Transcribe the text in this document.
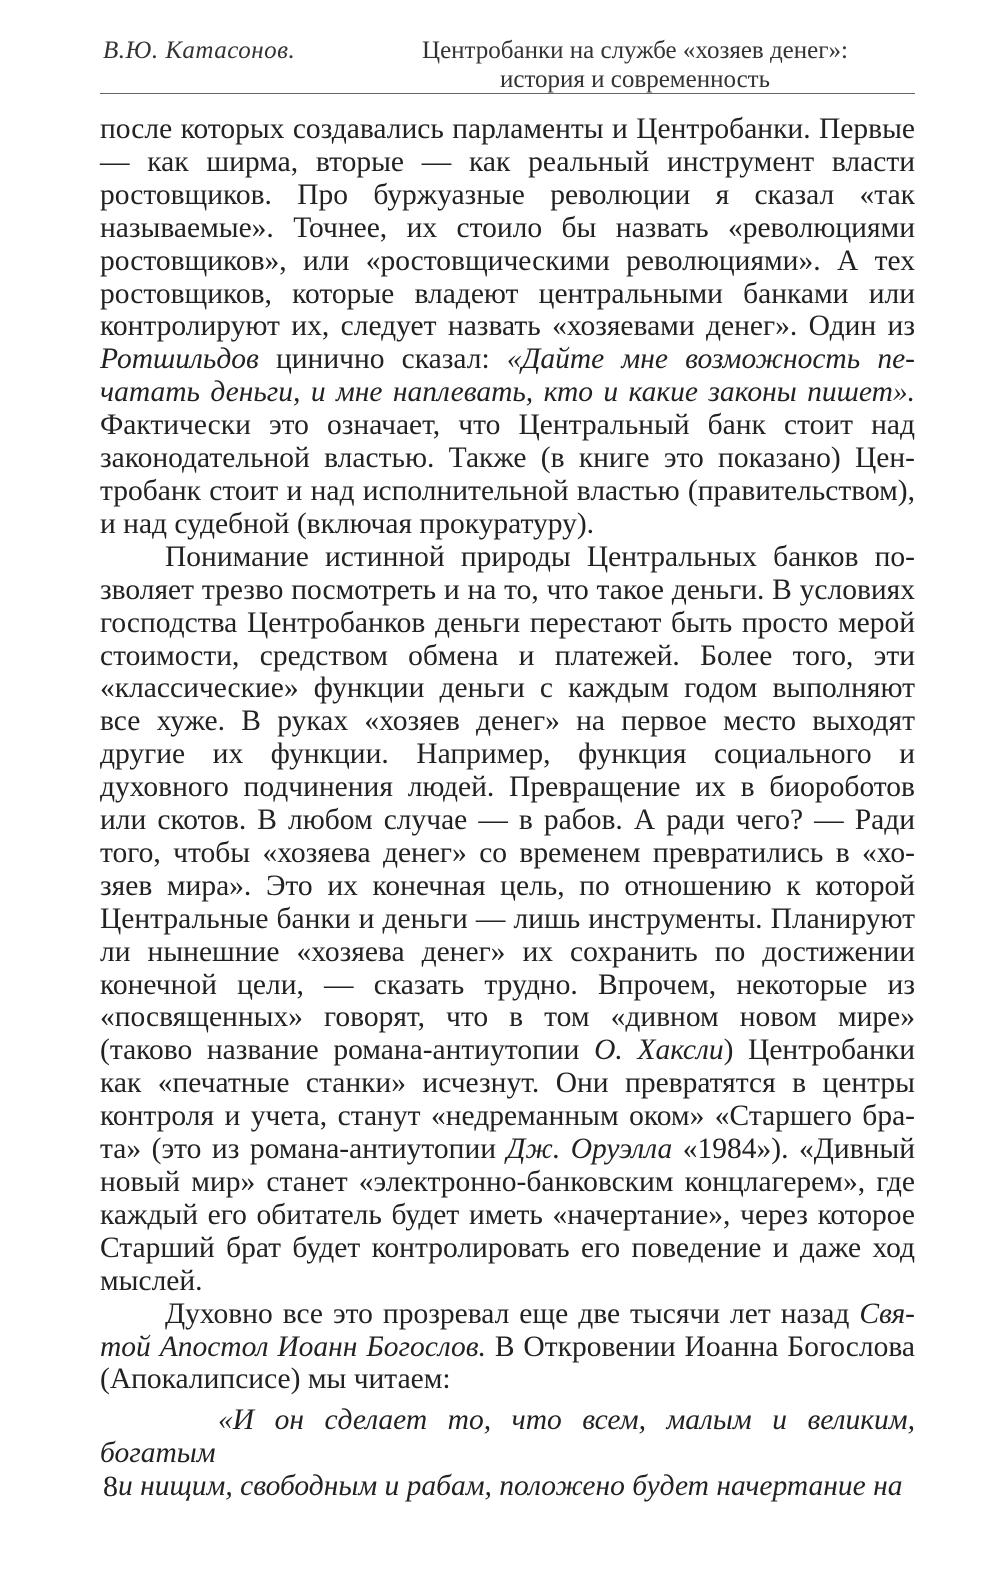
В.Ю. Катасонов.	Центробанки на службе «хозяев денег»:
история и современность

после которых создавались парламенты и Центробанки. Первые — как ширма, вторые — как реальный инструмент власти ростовщиков. Про буржуазные революции я сказал «так называемые». Точнее, их стоило бы назвать «революциями ростовщиков», или «ростовщическими революциями». А тех ростовщиков, которые владеют центральными банками или контролируют их, следует назвать «хозяевами денег». Один из Ротшильдов цинично сказал: «Дайте мне возможность печатать деньги, и мне наплевать, кто и какие законы пишет». Фактически это означает, что Центральный банк стоит над законодательной властью. Также (в книге это показано) Центробанк стоит и над исполнительной властью (правительством), и над судебной (включая прокуратуру).

Понимание истинной природы Центральных банков позволяет трезво посмотреть и на то, что такое деньги. В условиях господства Центробанков деньги перестают быть просто мерой стоимости, средством обмена и платежей. Более того, эти «классические» функции деньги с каждым годом выполняют все хуже. В руках «хозяев денег» на первое место выходят другие их функции. Например, функция социального и духовного подчинения людей. Превращение их в биороботов или скотов. В любом случае — в рабов. А ради чего? — Ради того, чтобы «хозяева денег» со временем превратились в «хозяев мира». Это их конечная цель, по отношению к которой Центральные банки и деньги — лишь инструменты. Планируют ли нынешние «хозяева денег» их сохранить по достижении конечной цели, — сказать трудно. Впрочем, некоторые из «посвященных» говорят, что в том «дивном новом мире» (таково название романа-антиутопии О. Хаксли) Центробанки как «печатные станки» исчезнут. Они превратятся в центры контроля и учета, станут «недреманным оком» «Старшего брата» (это из романа-антиутопии Дж. Оруэлла «1984»). «Дивный новый мир» станет «электронно-банковским концлагерем», где каждый его обитатель будет иметь «начертание», через которое Старший брат будет контролировать его поведение и даже ход мыслей.

Духовно все это прозревал еще две тысячи лет назад Святой Апостол Иоанн Богослов. В Откровении Иоанна Богослова (Апокалипсисе) мы читаем:

«И он сделает то, что всем, малым и великим, богатым
и нищим, свободным и рабам, положено будет начертание на

8
